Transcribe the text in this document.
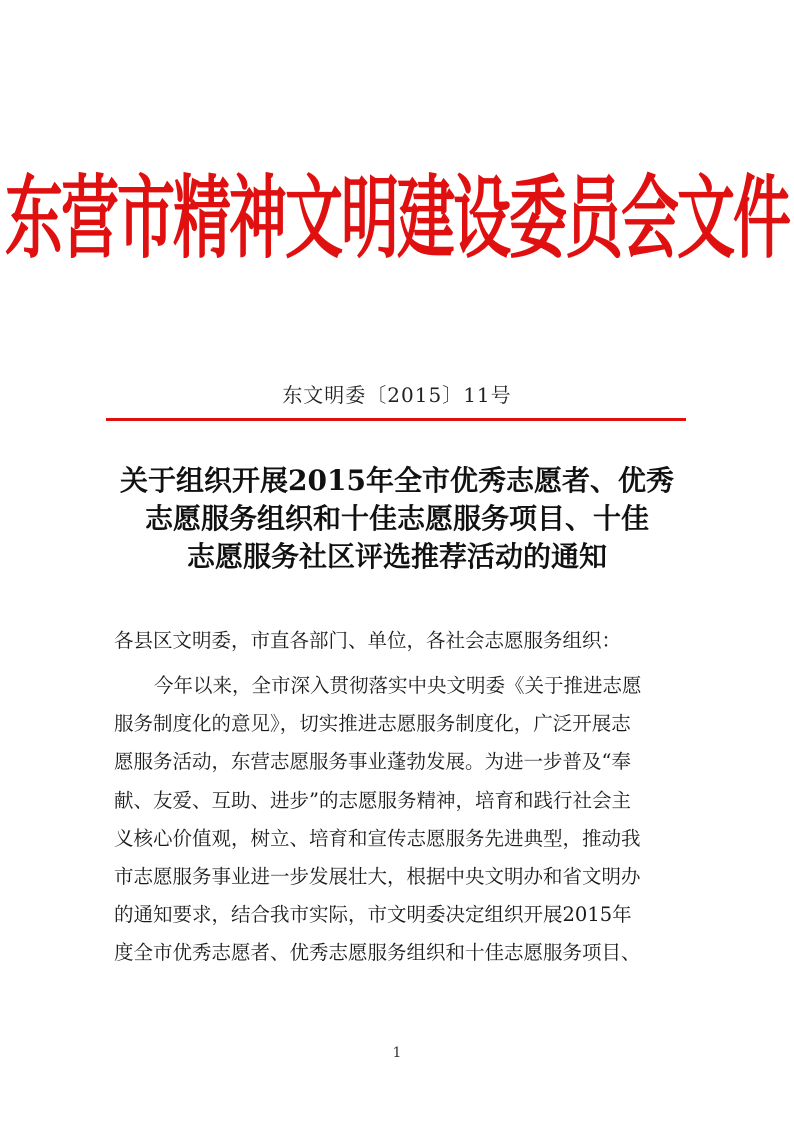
东营市精神文明建设委员会文件
东文明委〔2015〕11号
关于组织开展2015年全市优秀志愿者、优秀
志愿服务组织和十佳志愿服务项目、十佳
志愿服务社区评选推荐活动的通知
各县区文明委，市直各部门、单位，各社会志愿服务组织：
今年以来，全市深入贯彻落实中央文明委《关于推进志愿
服务制度化的意见》，切实推进志愿服务制度化，广泛开展志
愿服务活动，东营志愿服务事业蓬勃发展。为进一步普及“奉
献、友爱、互助、进步”的志愿服务精神，培育和践行社会主
义核心价值观，树立、培育和宣传志愿服务先进典型，推动我
市志愿服务事业进一步发展壮大，根据中央文明办和省文明办
的通知要求，结合我市实际，市文明委决定组织开展2015年
度全市优秀志愿者、优秀志愿服务组织和十佳志愿服务项目、
1
